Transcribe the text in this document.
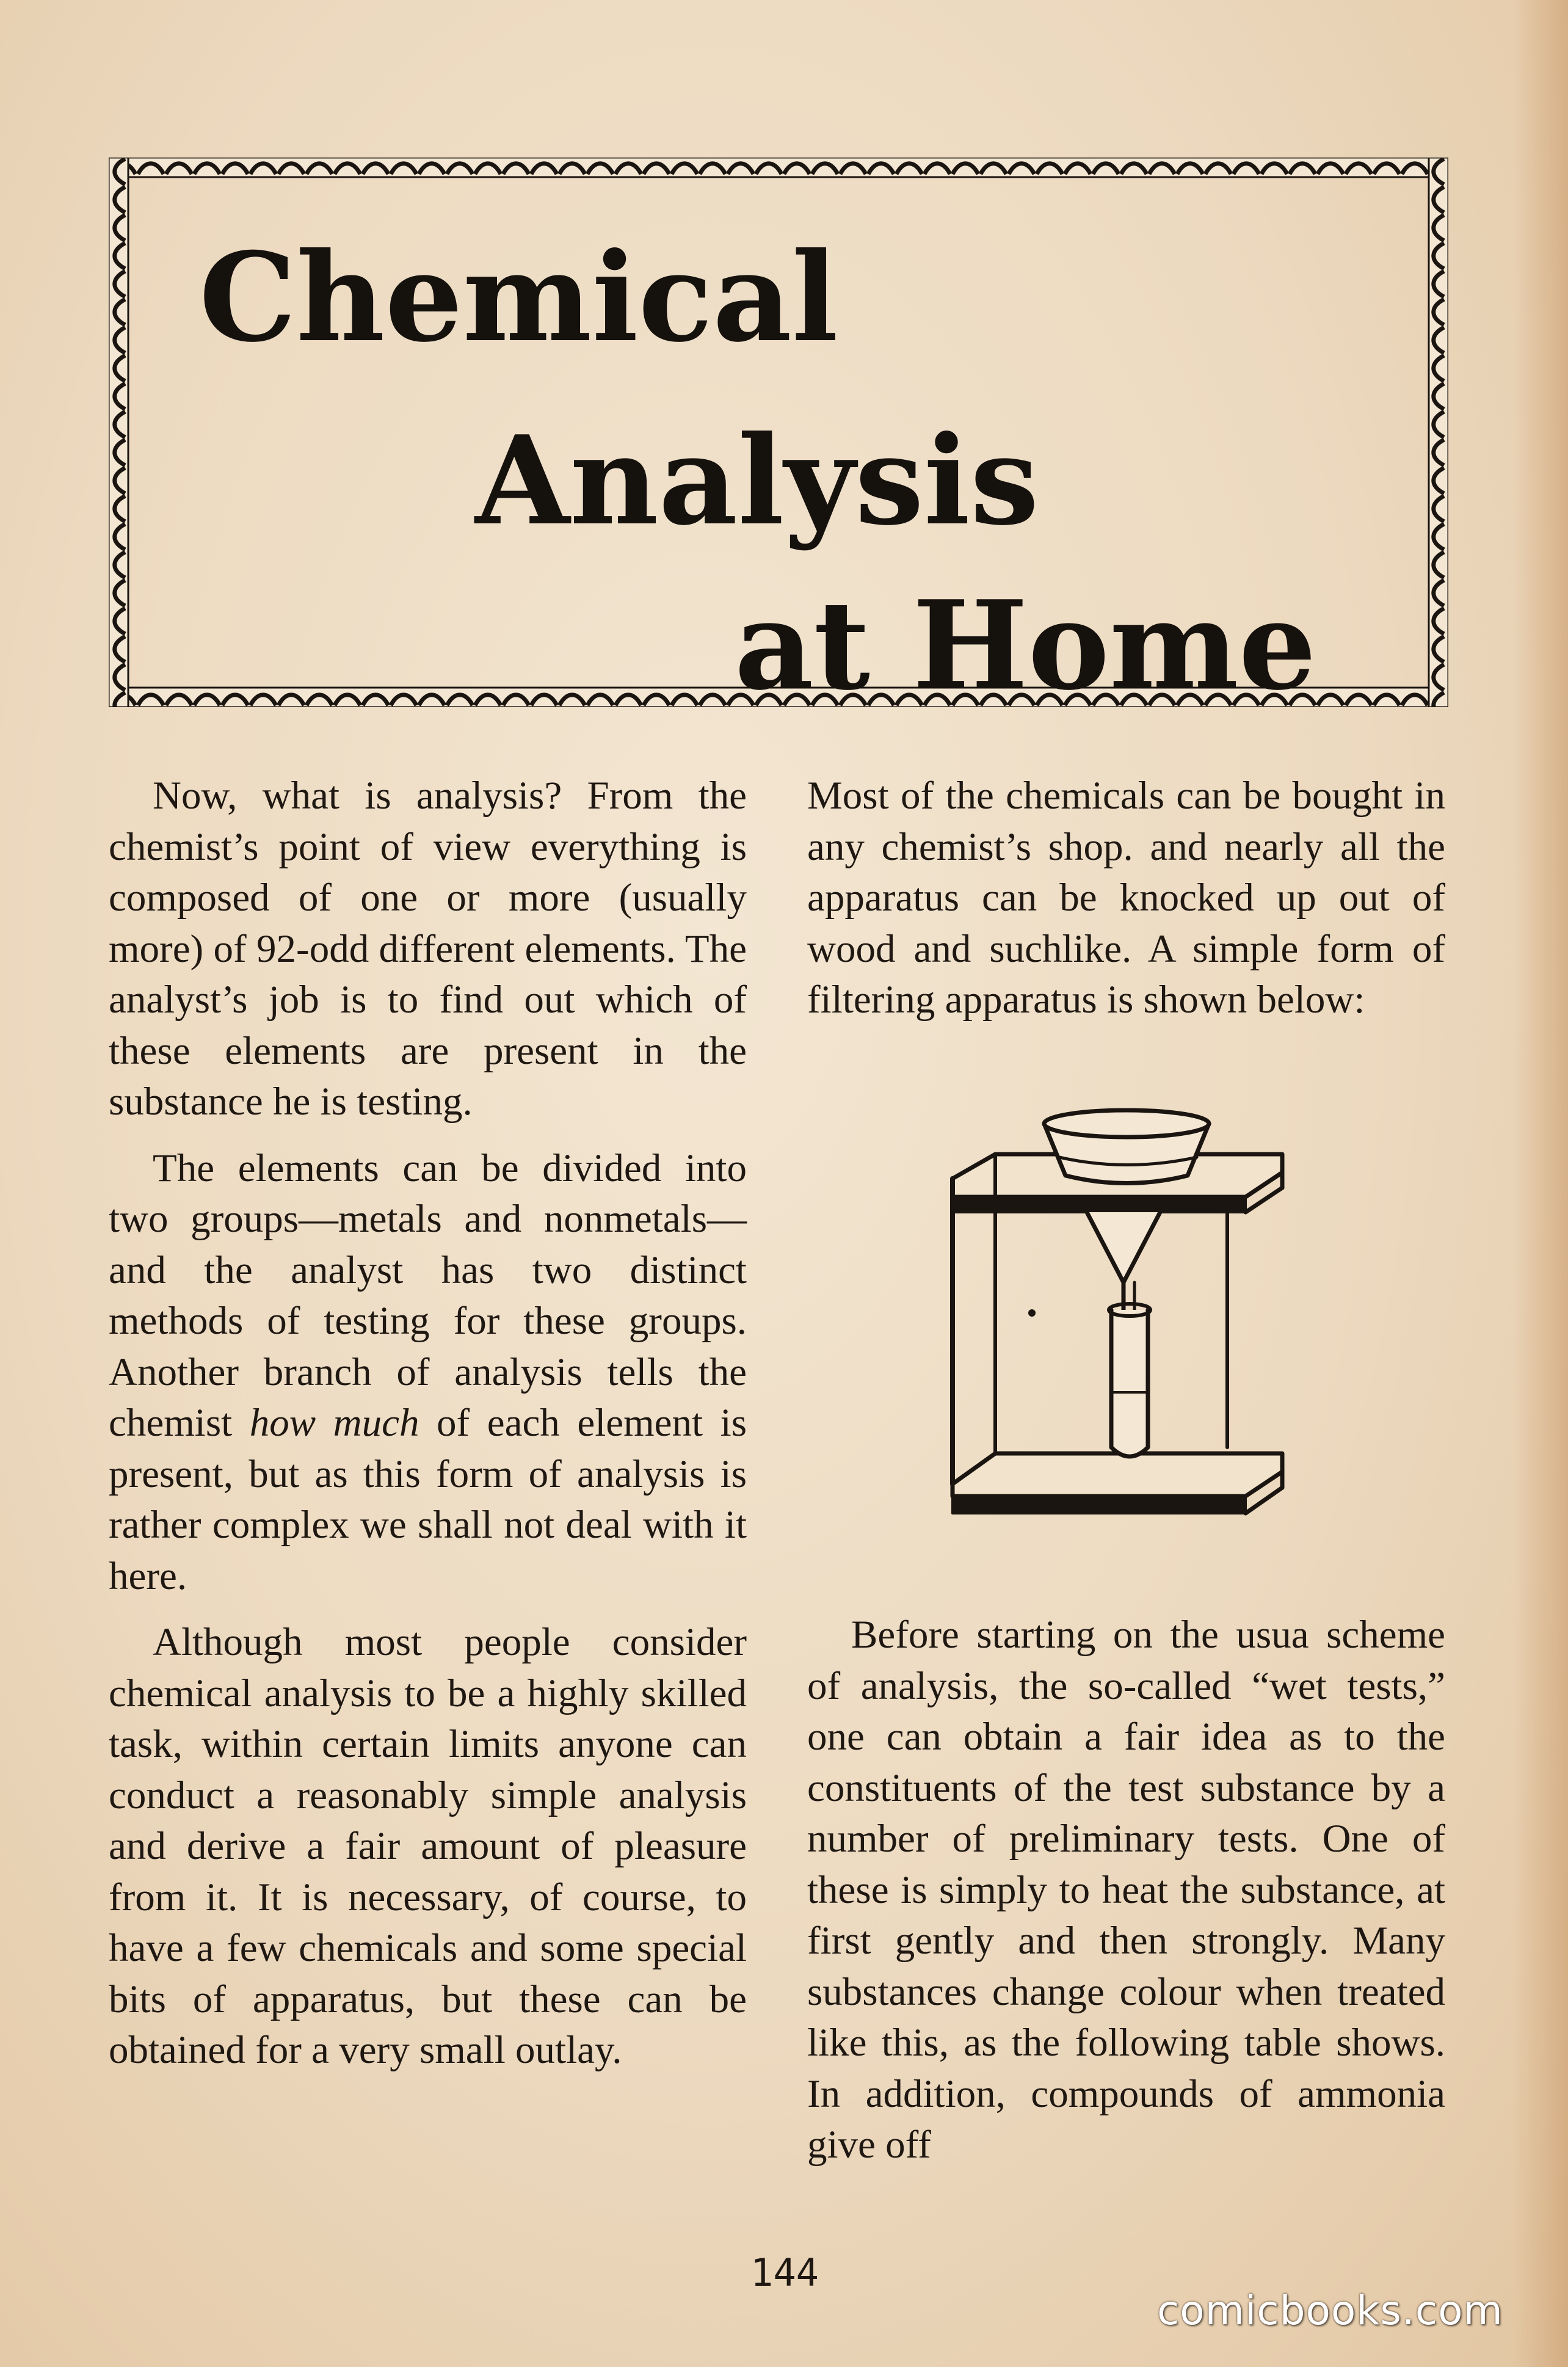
Chemical
Analysis
at Home

Now, what is analysis? From the chemist’s point of view everything is composed of one or more (usually more) of 92-odd different elements. The analyst’s job is to find out which of these elements are present in the substance he is testing.

The elements can be divided into two groups—metals and nonmetals—and the analyst has two distinct methods of testing for these groups. Another branch of analysis tells the chemist how much of each element is present, but as this form of analysis is rather complex we shall not deal with it here.

Although most people consider chemical analysis to be a highly skilled task, within certain limits anyone can conduct a reasonably simple analysis and derive a fair amount of pleasure from it. It is necessary, of course, to have a few chemicals and some special bits of apparatus, but these can be obtained for a very small outlay.

Most of the chemicals can be bought in any chemist’s shop. and nearly all the apparatus can be knocked up out of wood and suchlike. A simple form of filtering apparatus is shown below:

Before starting on the usua scheme of analysis, the so-called “wet tests,” one can obtain a fair idea as to the constituents of the test substance by a number of preliminary tests. One of these is simply to heat the substance, at first gently and then strongly. Many substances change colour when treated like this, as the following table shows. In addition, compounds of ammonia give off

144
comicbooks.com
